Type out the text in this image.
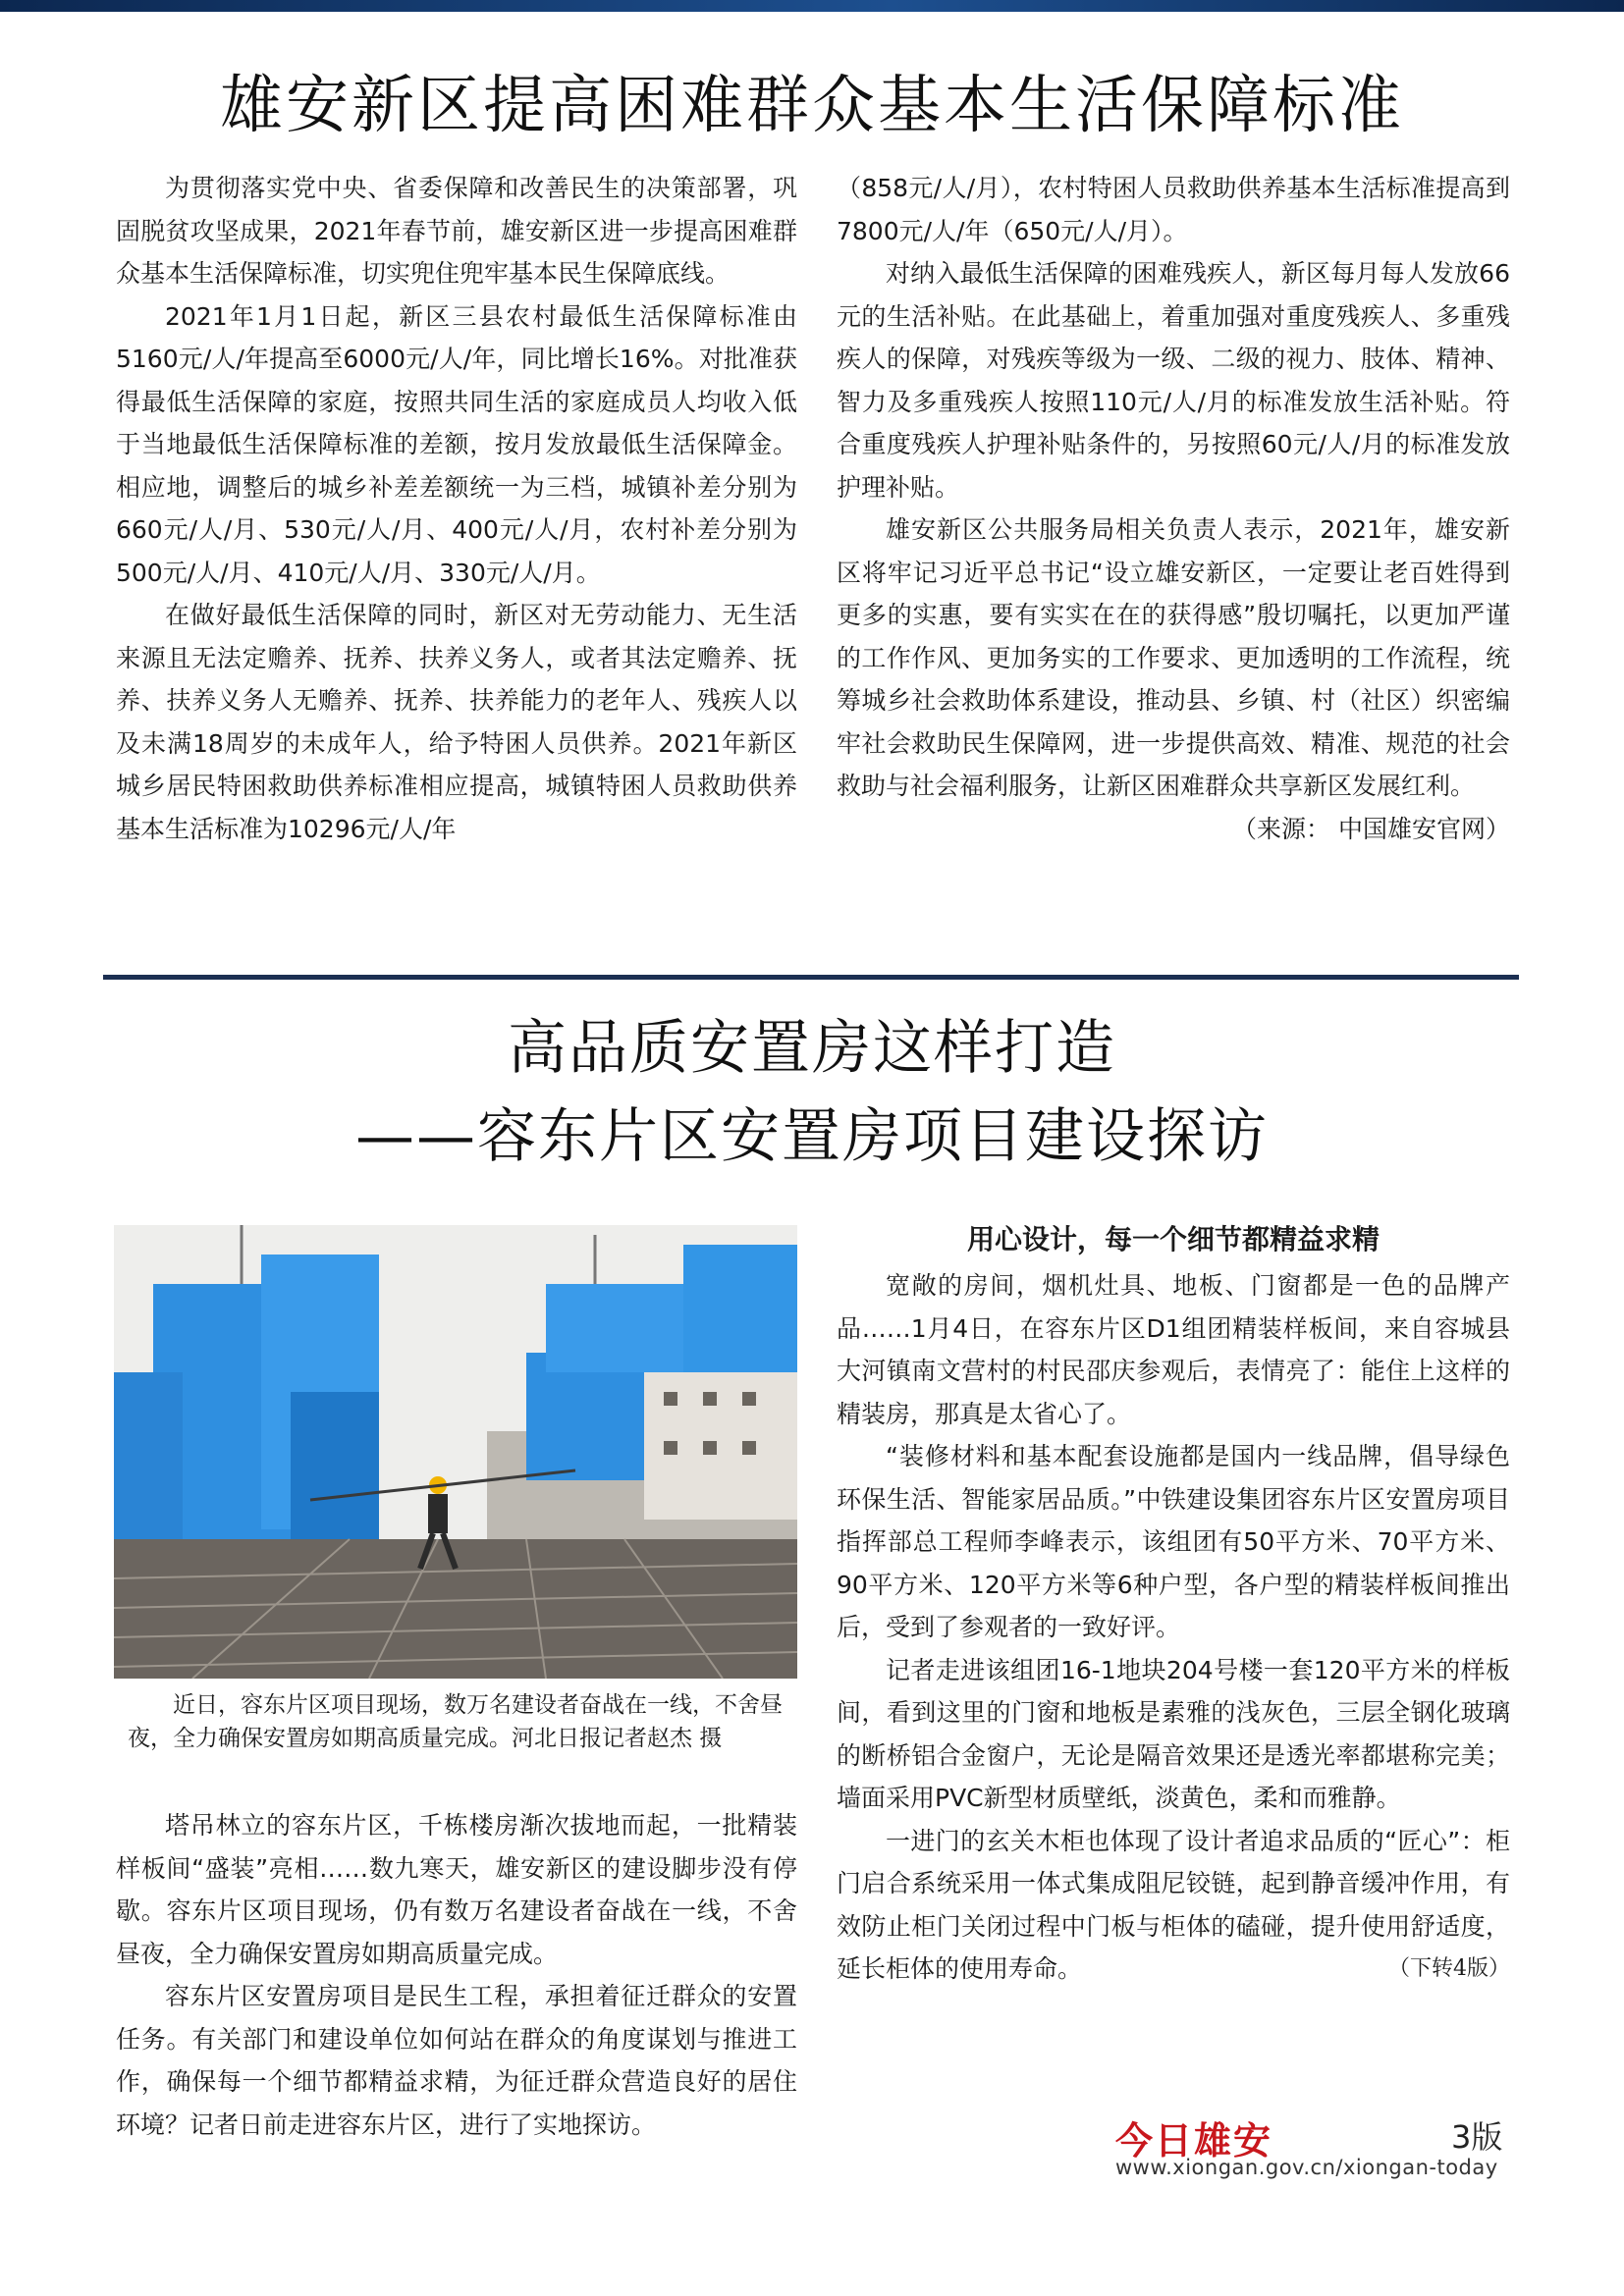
雄安新区提高困难群众基本生活保障标准

为贯彻落实党中央、省委保障和改善民生的决策部署，巩固脱贫攻坚成果，2021年春节前，雄安新区进一步提高困难群众基本生活保障标准，切实兜住兜牢基本民生保障底线。

2021年1月1日起，新区三县农村最低生活保障标准由5160元/人/年提高至6000元/人/年，同比增长16%。对批准获得最低生活保障的家庭，按照共同生活的家庭成员人均收入低于当地最低生活保障标准的差额，按月发放最低生活保障金。相应地，调整后的城乡补差差额统一为三档，城镇补差分别为660元/人/月、530元/人/月、400元/人/月，农村补差分别为500元/人/月、410元/人/月、330元/人/月。

在做好最低生活保障的同时，新区对无劳动能力、无生活来源且无法定赡养、抚养、扶养义务人，或者其法定赡养、抚养、扶养义务人无赡养、抚养、扶养能力的老年人、残疾人以及未满18周岁的未成年人，给予特困人员供养。2021年新区城乡居民特困救助供养标准相应提高，城镇特困人员救助供养基本生活标准为10296元/人/年

（858元/人/月），农村特困人员救助供养基本生活标准提高到7800元/人/年（650元/人/月）。

对纳入最低生活保障的困难残疾人，新区每月每人发放66元的生活补贴。在此基础上，着重加强对重度残疾人、多重残疾人的保障，对残疾等级为一级、二级的视力、肢体、精神、智力及多重残疾人按照110元/人/月的标准发放生活补贴。符合重度残疾人护理补贴条件的，另按照60元/人/月的标准发放护理补贴。

雄安新区公共服务局相关负责人表示，2021年，雄安新区将牢记习近平总书记“设立雄安新区，一定要让老百姓得到更多的实惠，要有实实在在的获得感”殷切嘱托，以更加严谨的工作作风、更加务实的工作要求、更加透明的工作流程，统筹城乡社会救助体系建设，推动县、乡镇、村（社区）织密编牢社会救助民生保障网，进一步提供高效、精准、规范的社会救助与社会福利服务，让新区困难群众共享新区发展红利。

（来源： 中国雄安官网）

高品质安置房这样打造
——容东片区安置房项目建设探访
近日，容东片区项目现场，数万名建设者奋战在一线，不舍昼夜，全力确保安置房如期高质量完成。河北日报记者赵杰 摄

塔吊林立的容东片区，千栋楼房渐次拔地而起，一批精装样板间“盛装”亮相……数九寒天，雄安新区的建设脚步没有停歇。容东片区项目现场，仍有数万名建设者奋战在一线，不舍昼夜，全力确保安置房如期高质量完成。

容东片区安置房项目是民生工程，承担着征迁群众的安置任务。有关部门和建设单位如何站在群众的角度谋划与推进工作，确保每一个细节都精益求精，为征迁群众营造良好的居住环境？记者日前走进容东片区，进行了实地探访。

用心设计，每一个细节都精益求精

宽敞的房间，烟机灶具、地板、门窗都是一色的品牌产品……1月4日，在容东片区D1组团精装样板间，来自容城县大河镇南文营村的村民邵庆参观后，表情亮了：能住上这样的精装房，那真是太省心了。

“装修材料和基本配套设施都是国内一线品牌，倡导绿色环保生活、智能家居品质。”中铁建设集团容东片区安置房项目指挥部总工程师李峰表示，该组团有50平方米、70平方米、90平方米、120平方米等6种户型，各户型的精装样板间推出后，受到了参观者的一致好评。

记者走进该组团16-1地块204号楼一套120平方米的样板间，看到这里的门窗和地板是素雅的浅灰色，三层全钢化玻璃的断桥铝合金窗户，无论是隔音效果还是透光率都堪称完美；墙面采用PVC新型材质壁纸，淡黄色，柔和而雅静。

一进门的玄关木柜也体现了设计者追求品质的“匠心”：柜门启合系统采用一体式集成阻尼铰链，起到静音缓冲作用，有效防止柜门关闭过程中门板与柜体的磕碰，提升使用舒适度，延长柜体的使用寿命。	（下转4版）

今日雄安	3版
www.xiongan.gov.cn/xiongan-today
